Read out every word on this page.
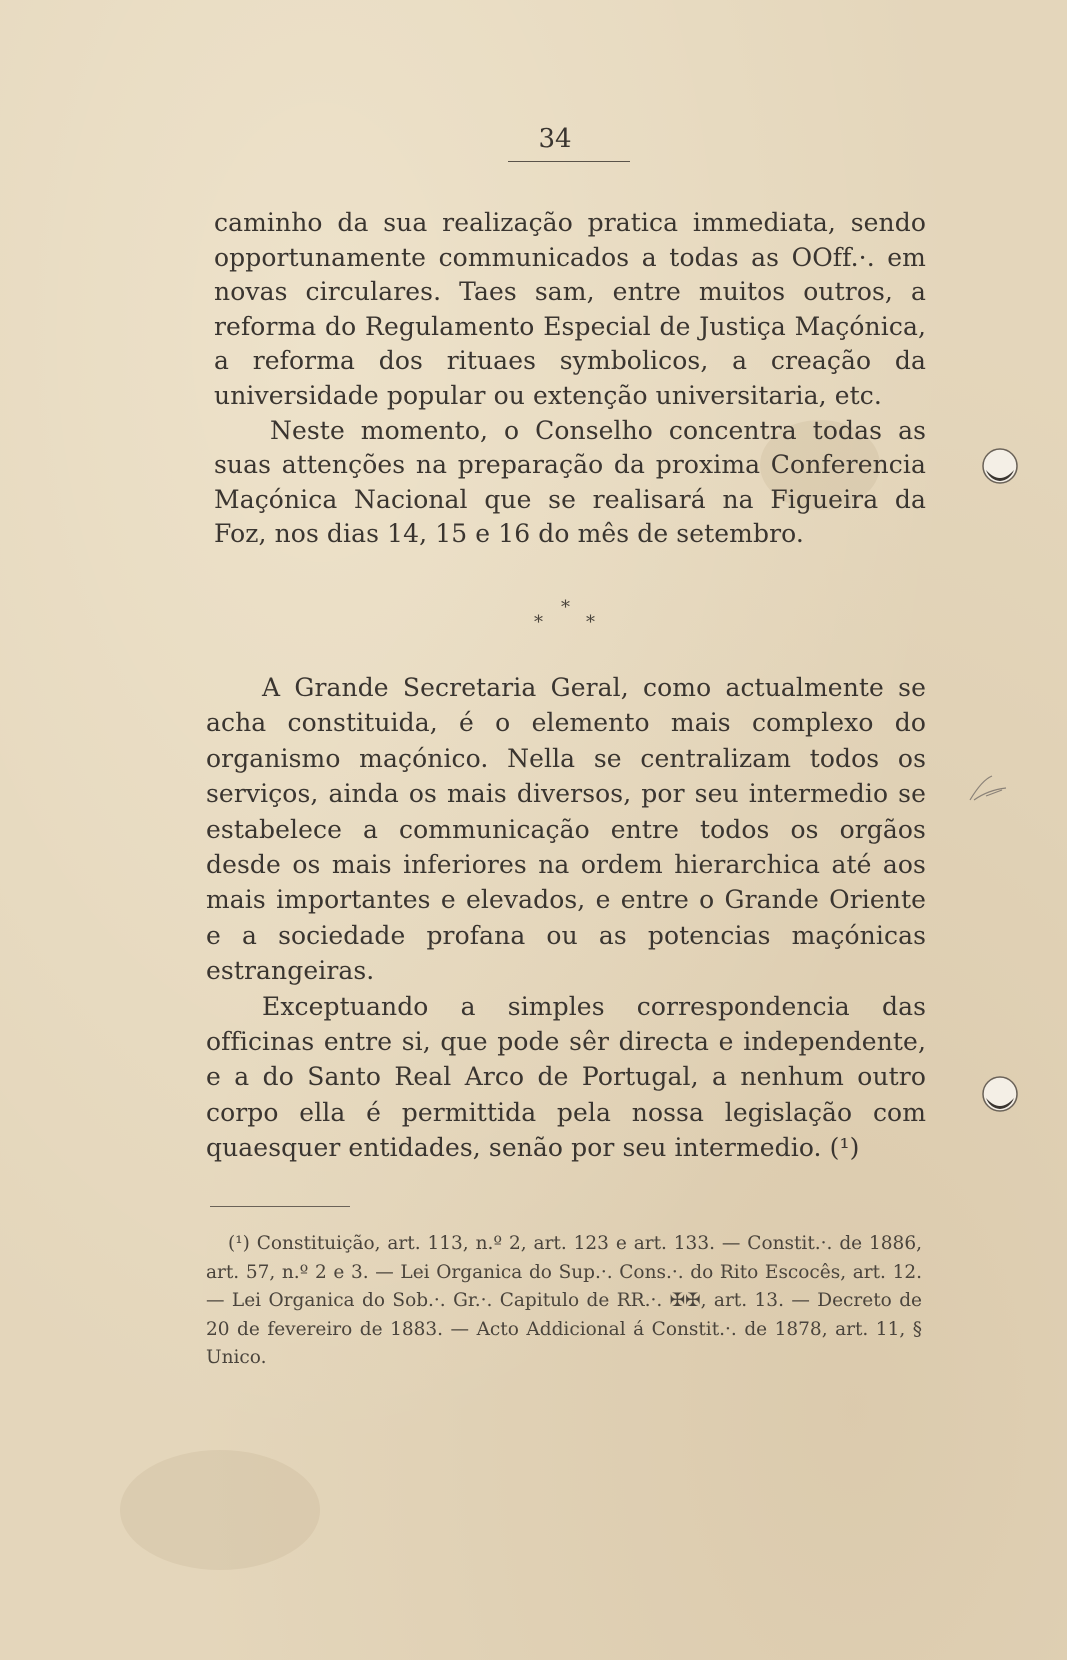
34

caminho da sua realização pratica immediata, sendo opportunamente communicados a todas as OOff.·. em novas circulares. Taes sam, entre muitos outros, a reforma do Regulamento Especial de Justiça Maçónica, a reforma dos rituaes symbolicos, a creação da universidade popular ou extenção universitaria, etc.

Neste momento, o Conselho concentra todas as suas attenções na preparação da proxima Conferencia Maçónica Nacional que se realisará na Figueira da Foz, nos dias 14, 15 e 16 do mês de setembro.

*
* *

A Grande Secretaria Geral, como actualmente se acha constituida, é o elemento mais complexo do organismo maçónico. Nella se centralizam todos os serviços, ainda os mais diversos, por seu intermedio se estabelece a communicação entre todos os orgãos desde os mais inferiores na ordem hierarchica até aos mais importantes e elevados, e entre o Grande Oriente e a sociedade profana ou as potencias maçónicas estrangeiras.

Exceptuando a simples correspondencia das officinas entre si, que pode sêr directa e independente, e a do Santo Real Arco de Portugal, a nenhum outro corpo ella é permittida pela nossa legislação com quaesquer entidades, senão por seu intermedio. (¹)

(¹) Constituição, art. 113, n.º 2, art. 123 e art. 133. — Constit.·. de 1886, art. 57, n.º 2 e 3. — Lei Organica do Sup.·. Cons.·. do Rito Escocês, art. 12. — Lei Organica do Sob.·. Gr.·. Capitulo de RR.·. ✠✠, art. 13. — Decreto de 20 de fevereiro de 1883. — Acto Addicional á Constit.·. de 1878, art. 11, § Unico.
